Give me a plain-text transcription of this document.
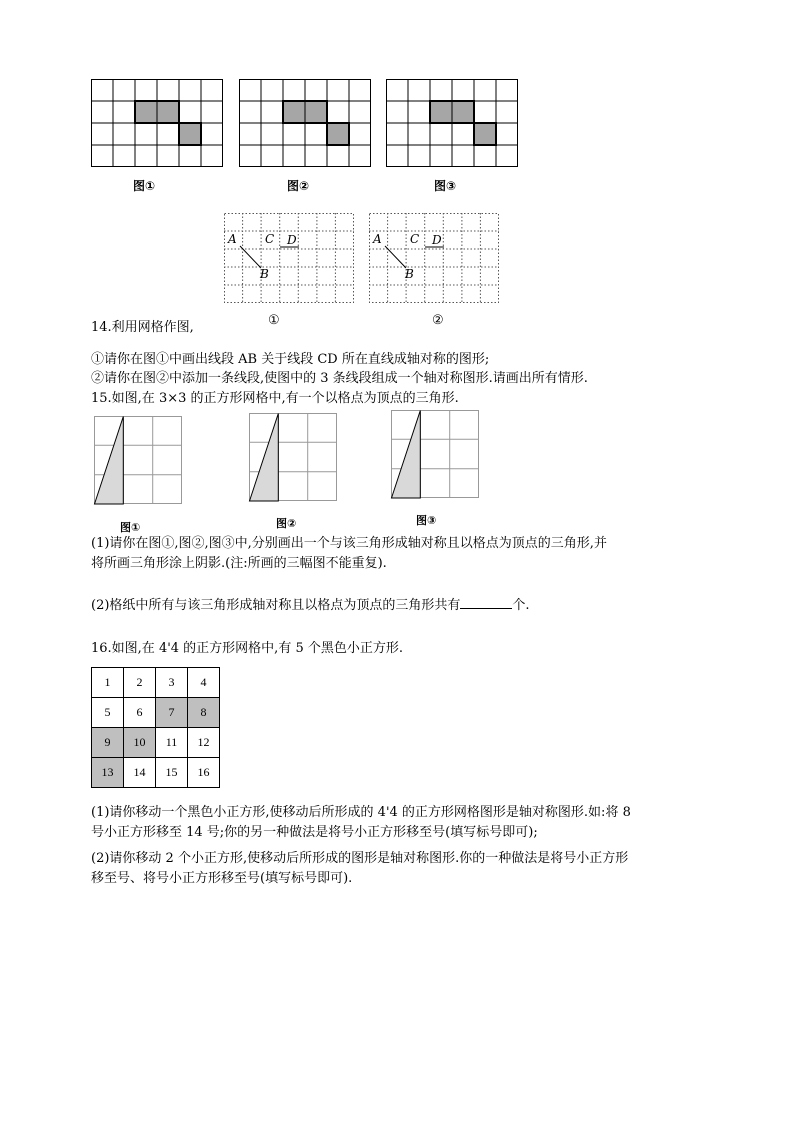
图①	图②	图③
A C D
B
①
A C D
B
②
14.利用网格作图,
①请你在图①中画出线段 AB 关于线段 CD 所在直线成轴对称的图形;
②请你在图②中添加一条线段,使图中的 3 条线段组成一个轴对称图形.请画出所有情形.
15.如图,在 3×3 的正方形网格中,有一个以格点为顶点的三角形.
图①	图②	图③
(1)请你在图①,图②,图③中,分别画出一个与该三角形成轴对称且以格点为顶点的三角形,并
将所画三角形涂上阴影.(注:所画的三幅图不能重复).
(2)格纸中所有与该三角形成轴对称且以格点为顶点的三角形共有	个.
16.如图,在 4'4 的正方形网格中,有 5 个黑色小正方形.
1	2	3	4
5	6	7	8
9	10	11	12
13	14	15	16
(1)请你移动一个黑色小正方形,使移动后所形成的 4'4 的正方形网格图形是轴对称图形.如:将 8
号小正方形移至 14 号;你的另一种做法是将号小正方形移至号(填写标号即可);
(2)请你移动 2 个小正方形,使移动后所形成的图形是轴对称图形.你的一种做法是将号小正方形
移至号、将号小正方形移至号(填写标号即可).
